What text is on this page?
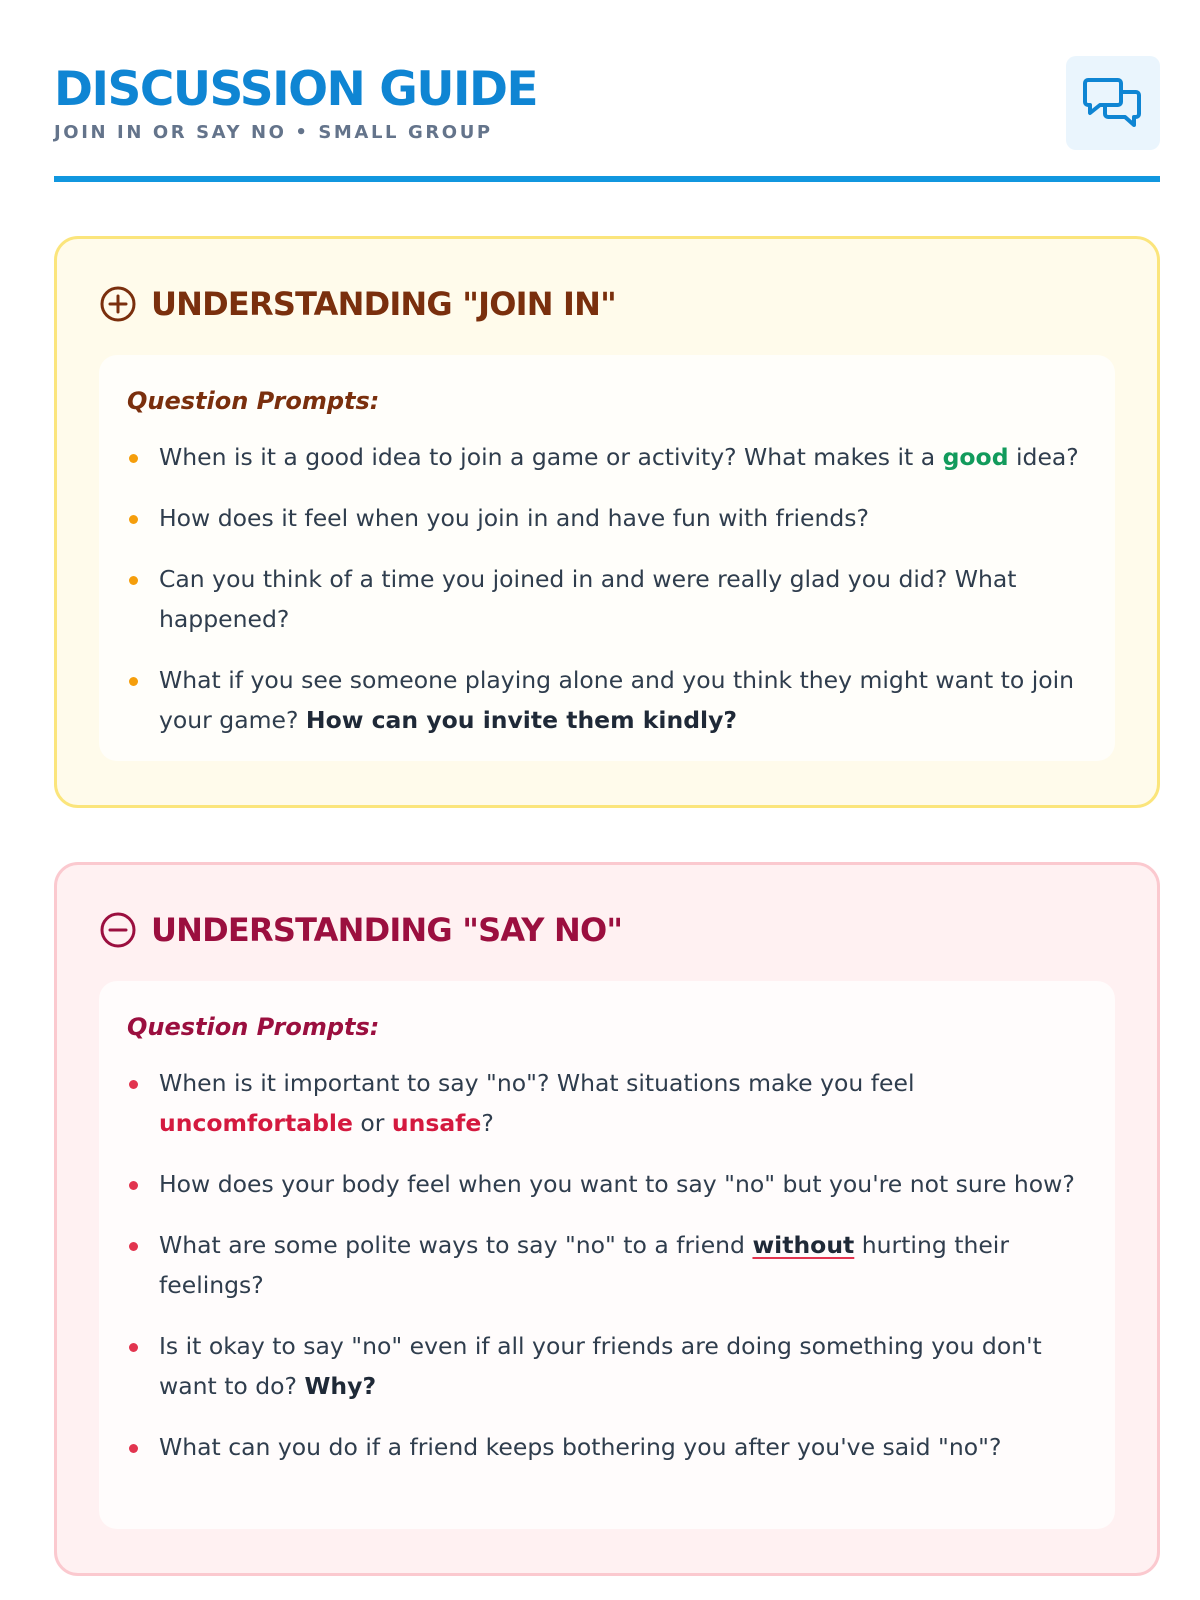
DISCUSSION GUIDE
JOIN IN OR SAY NO • SMALL GROUP
UNDERSTANDING "JOIN IN"
Question Prompts:
When is it a good idea to join a game or activity? What makes it a good idea?
How does it feel when you join in and have fun with friends?
Can you think of a time you joined in and were really glad you did? What happened?
What if you see someone playing alone and you think they might want to join your game? How can you invite them kindly?
UNDERSTANDING "SAY NO"
Question Prompts:
When is it important to say "no"? What situations make you feel uncomfortable or unsafe?
How does your body feel when you want to say "no" but you're not sure how?
What are some polite ways to say "no" to a friend without hurting their feelings?
Is it okay to say "no" even if all your friends are doing something you don't want to do? Why?
What can you do if a friend keeps bothering you after you've said "no"?
